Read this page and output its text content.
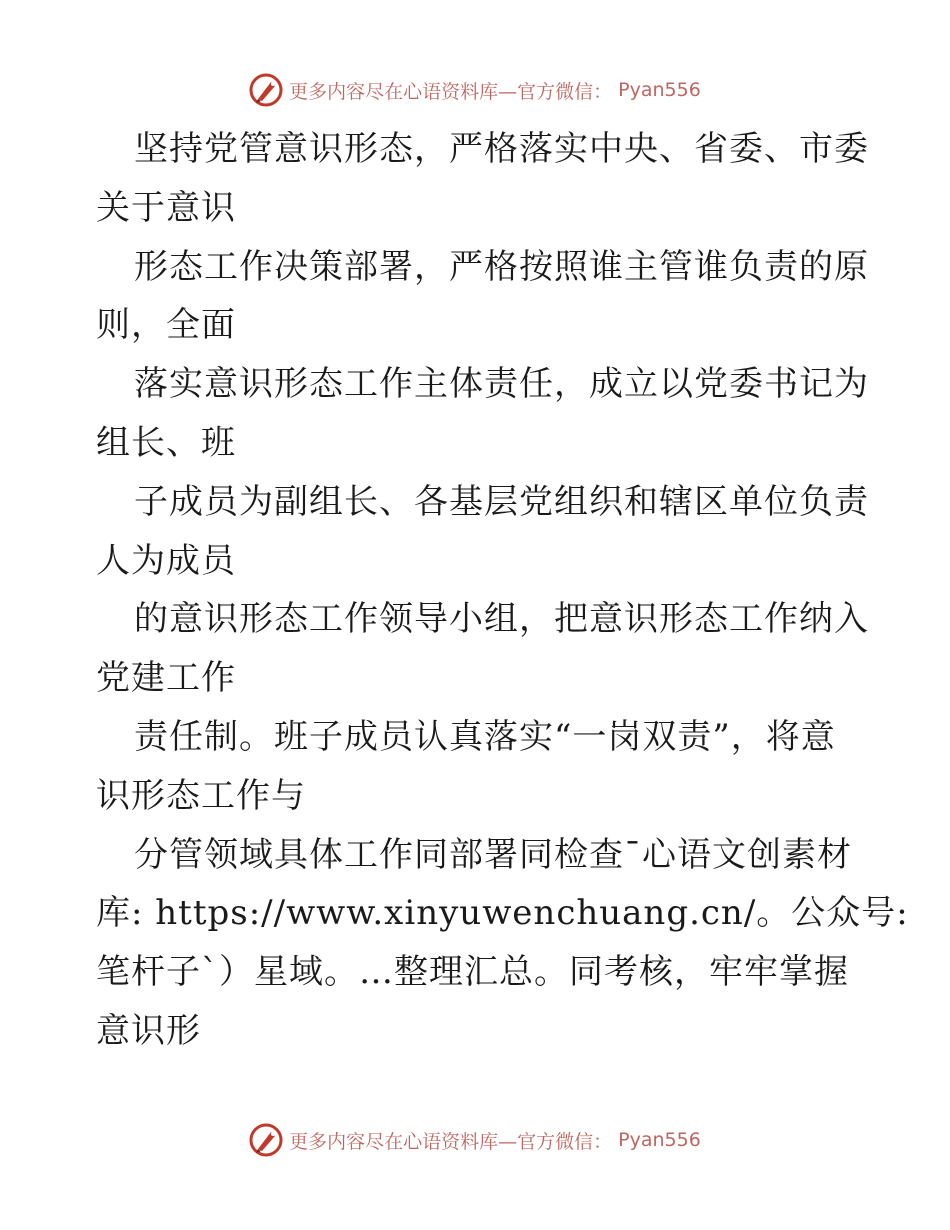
更多内容尽在心语资料库—官方微信： Pyan556
坚持党管意识形态，严格落实中央、省委、市委
关于意识
形态工作决策部署，严格按照谁主管谁负责的原
则，全面
落实意识形态工作主体责任，成立以党委书记为
组长、班
子成员为副组长、各基层党组织和辖区单位负责
人为成员
的意识形态工作领导小组，把意识形态工作纳入
党建工作
责任制。班子成员认真落实“一岗双责”，将意
识形态工作与
分管领域具体工作同部署同检查¯心语文创素材
库: https://www.xinyuwenchuang.cn/。公众号:
笔杆子`）星域。…整理汇总。同考核，牢牢掌握
意识形
更多内容尽在心语资料库—官方微信： Pyan556
